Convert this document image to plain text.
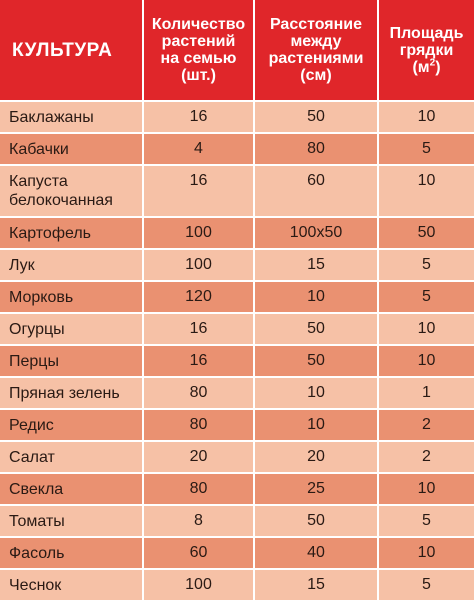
КУЛЬТУРА	Количество
растений
на семью
(шт.)	Расстояние
между
растениями
(см)	Площадь
грядки
$(м^2)$

Баклажаны	16	50	10
Кабачки	4	80	5
Капуста белокочанная	16	60	10
Картофель	100	100x50	50
Лук	100	15	5
Морковь	120	10	5
Огурцы	16	50	10
Перцы	16	50	10
Пряная зелень	80	10	1
Редис	80	10	2
Салат	20	20	2
Свекла	80	25	10
Томаты	8	50	5
Фасоль	60	40	10
Чеснок	100	15	5
